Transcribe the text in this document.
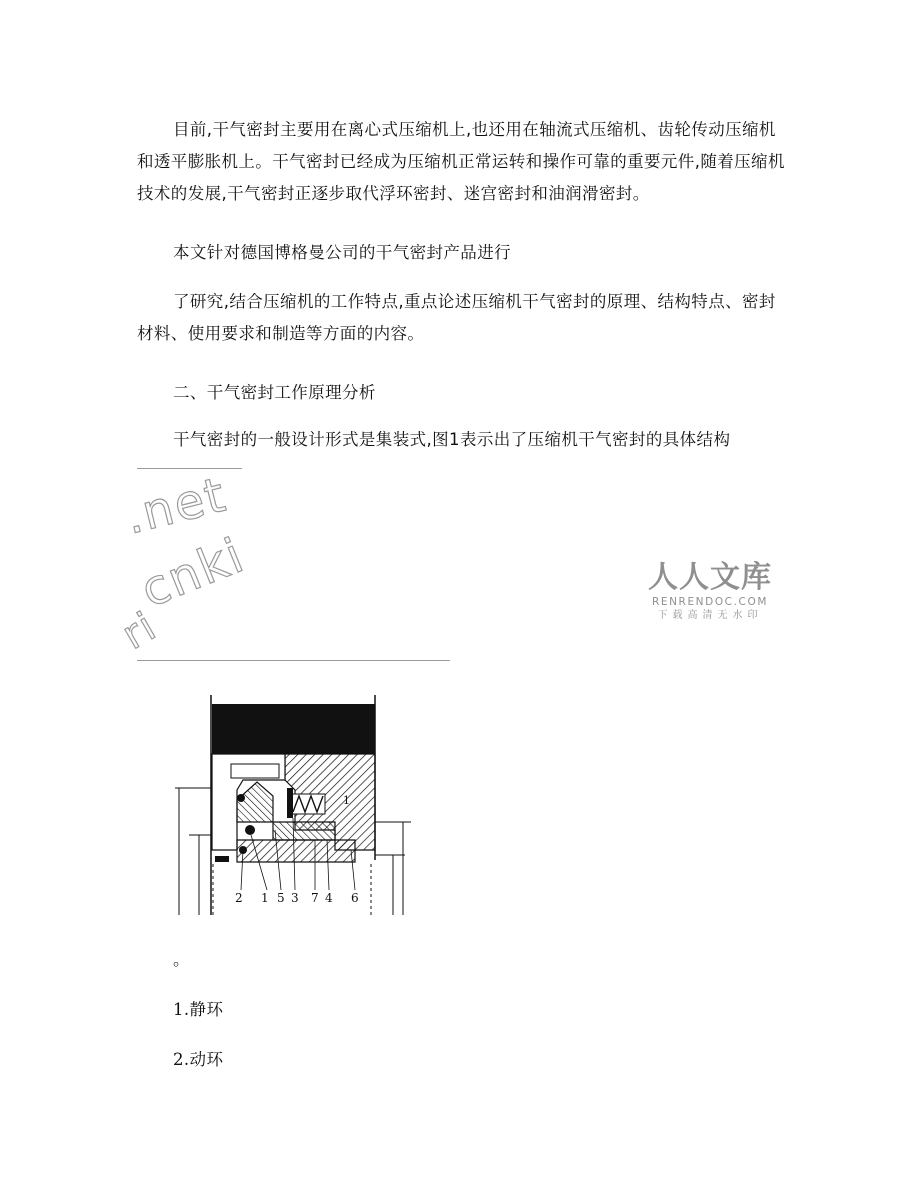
目前,干气密封主要用在离心式压缩机上,也还用在轴流式压缩机、齿轮传动压缩机和透平膨胀机上。干气密封已经成为压缩机正常运转和操作可靠的重要元件,随着压缩机技术的发展,干气密封正逐步取代浮环密封、迷宫密封和油润滑密封。

本文针对德国博格曼公司的干气密封产品进行

了研究,结合压缩机的工作特点,重点论述压缩机干气密封的原理、结构特点、密封材料、使用要求和制造等方面的内容。

二、干气密封工作原理分析

干气密封的一般设计形式是集装式,图1表示出了压缩机干气密封的具体结构

.net
cnki
ri
人人文库
RENRENDOC.COM
下载高清无水印
1
2 1 5 3 7 4 6

。

1.静环

2.动环
